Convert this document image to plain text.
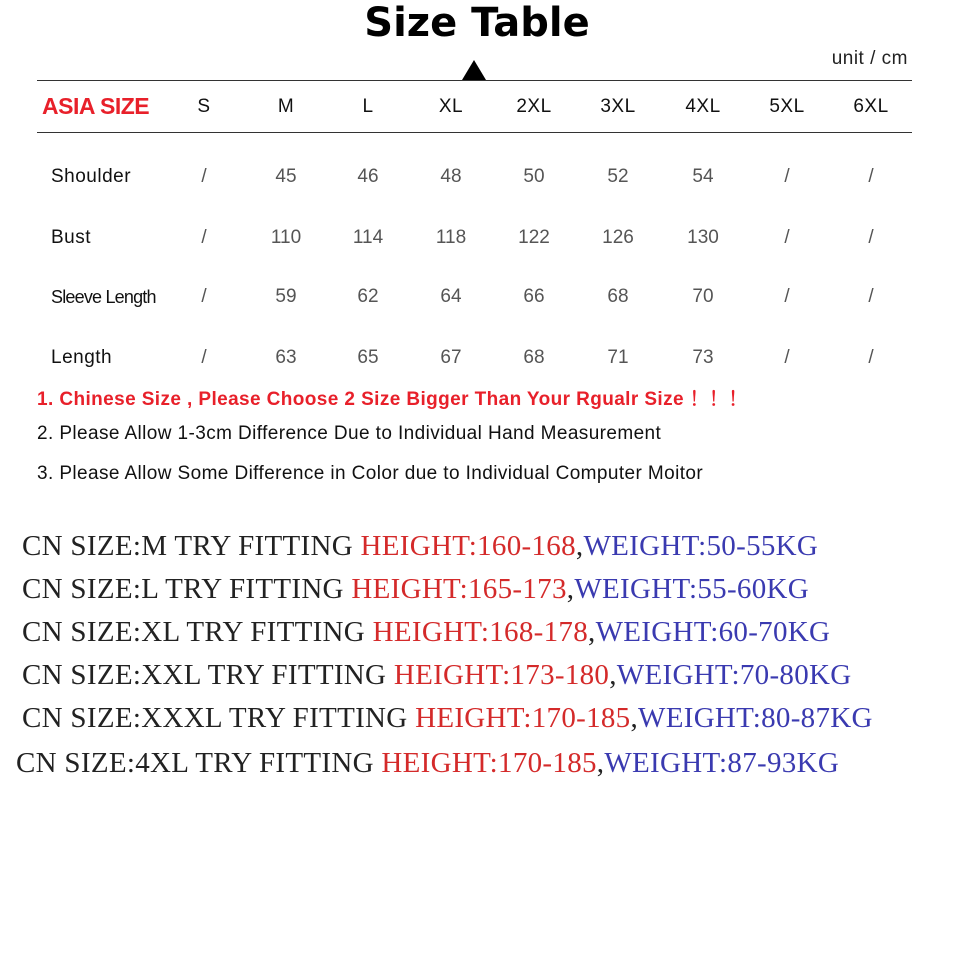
Size Table
unit / cm
ASIA SIZE	S	M	L	XL	2XL	3XL	4XL	5XL	6XL
Shoulder	/	45	46	48	50	52	54	/	/
Bust	/	110	114	118	122	126	130	/	/
Sleeve Length /	59	62	64	66	68	70	/	/
Length	/	63	65	67	68	71	73	/	/
1. Chinese Size , Please Choose 2 Size Bigger Than Your Rgualr Size ！！！
2. Please Allow 1-3cm Difference Due to Individual Hand Measurement
3. Please Allow Some Difference in Color due to Individual Computer Moitor
CN SIZE:M TRY FITTING HEIGHT:160-168,WEIGHT:50-55KG
CN SIZE:L TRY FITTING HEIGHT:165-173,WEIGHT:55-60KG
CN SIZE:XL TRY FITTING HEIGHT:168-178,WEIGHT:60-70KG
CN SIZE:XXL TRY FITTING HEIGHT:173-180,WEIGHT:70-80KG
CN SIZE:XXXL TRY FITTING HEIGHT:170-185,WEIGHT:80-87KG
CN SIZE:4XL TRY FITTING HEIGHT:170-185,WEIGHT:87-93KG
